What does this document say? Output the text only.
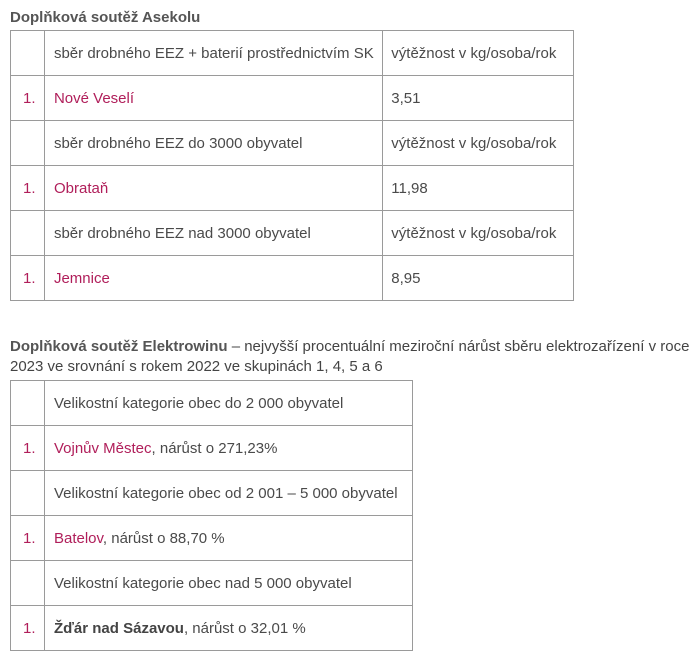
Doplňková soutěž Asekolu
	sběr drobného EEZ + baterií prostřednictvím SK	výtěžnost v kg/osoba/rok
1.	Nové Veselí	3,51
	sběr drobného EEZ do 3000 obyvatel	výtěžnost v kg/osoba/rok
1.	Obrataň	11,98
	sběr drobného EEZ nad 3000 obyvatel	výtěžnost v kg/osoba/rok
1.	Jemnice	8,95
Doplňková soutěž Elektrowinu – nejvyšší procentuální meziroční nárůst sběru elektrozařízení v roce 2023 ve srovnání s rokem 2022 ve skupinách 1, 4, 5 a 6
	Velikostní kategorie obec do 2 000 obyvatel
1.	Vojnův Městec, nárůst o 271,23%
	Velikostní kategorie obec od 2 001 – 5 000 obyvatel
1.	Batelov, nárůst o 88,70 %
	Velikostní kategorie obec nad 5 000 obyvatel
1.	Žďár nad Sázavou, nárůst o 32,01 %
